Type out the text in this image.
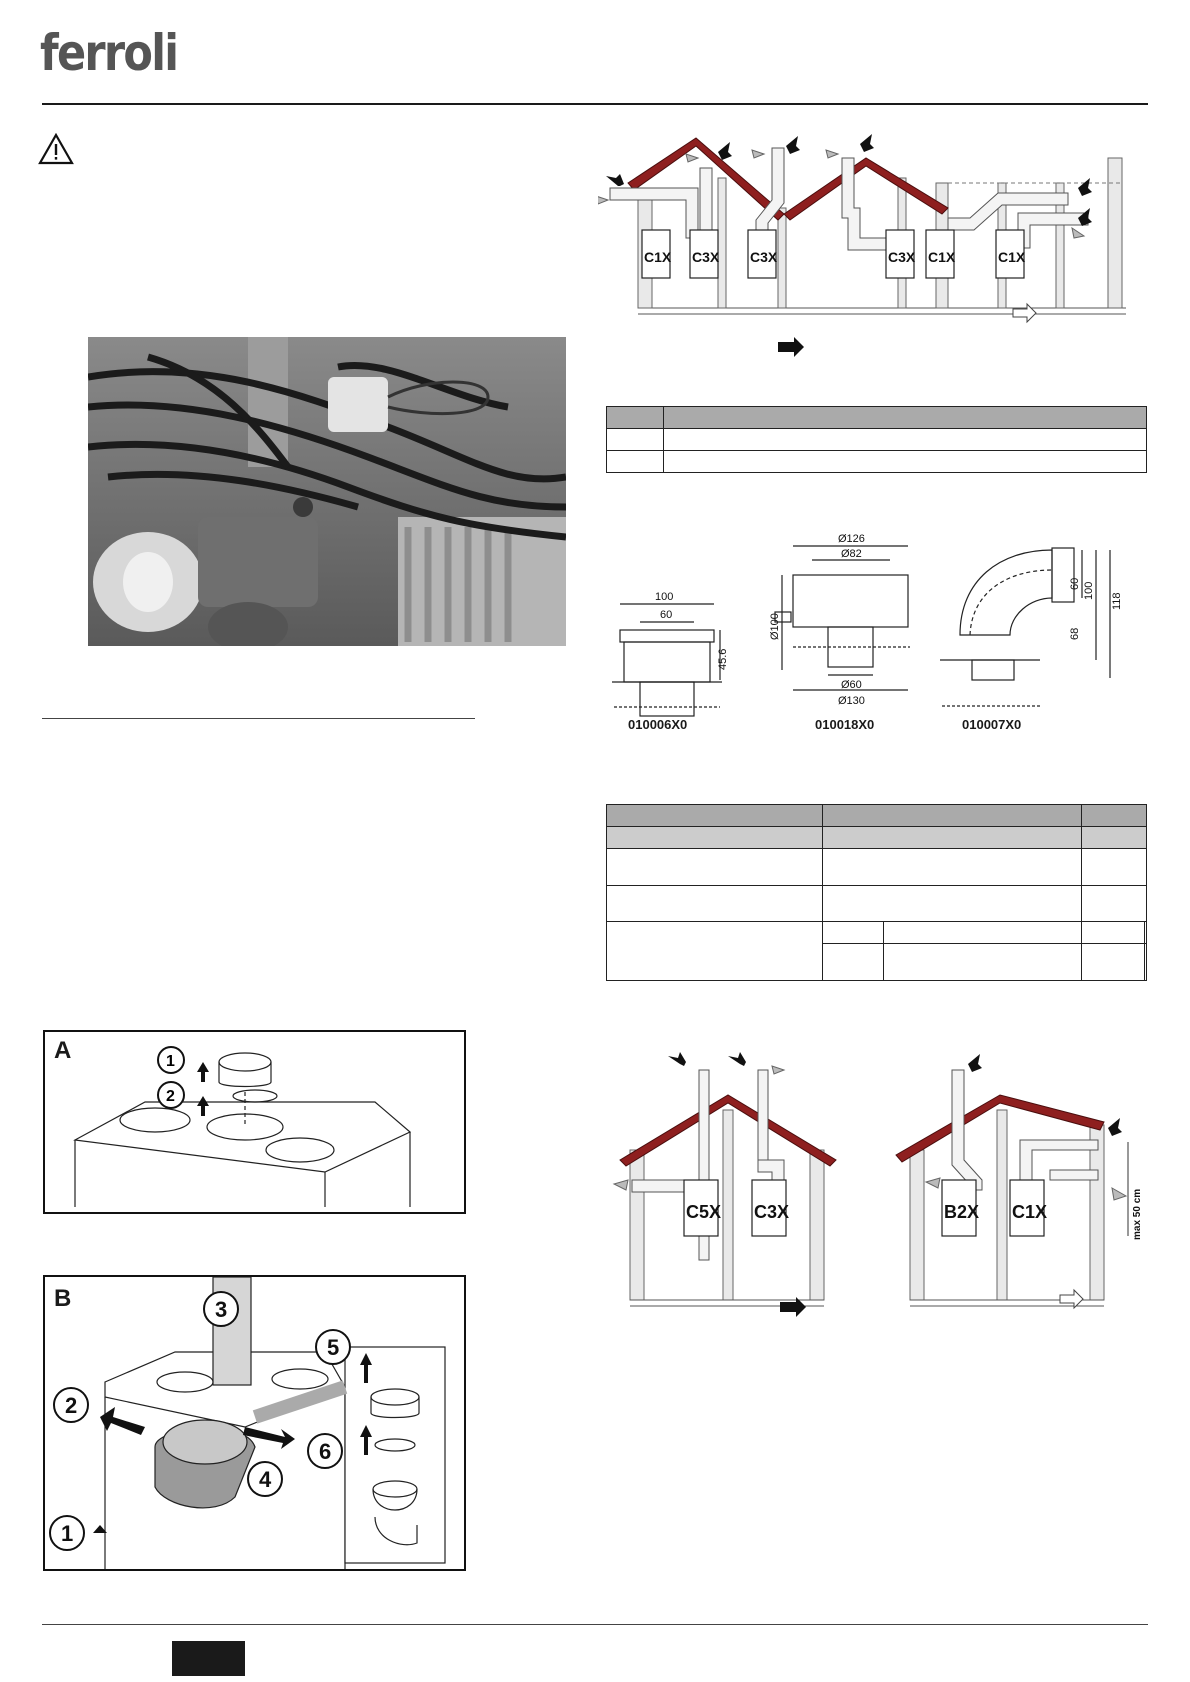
ferroli
C1X C3X C3X	C3X C1X	C1X

100
60
45.6
Ø126
Ø82
Ø100
Ø60
Ø130
60 100
68
118
010006X0	010018X0	010007X0

C5X C3X	B2X C1X	max 50 cm
A	1
2
B
2
1
3
4
5
6
